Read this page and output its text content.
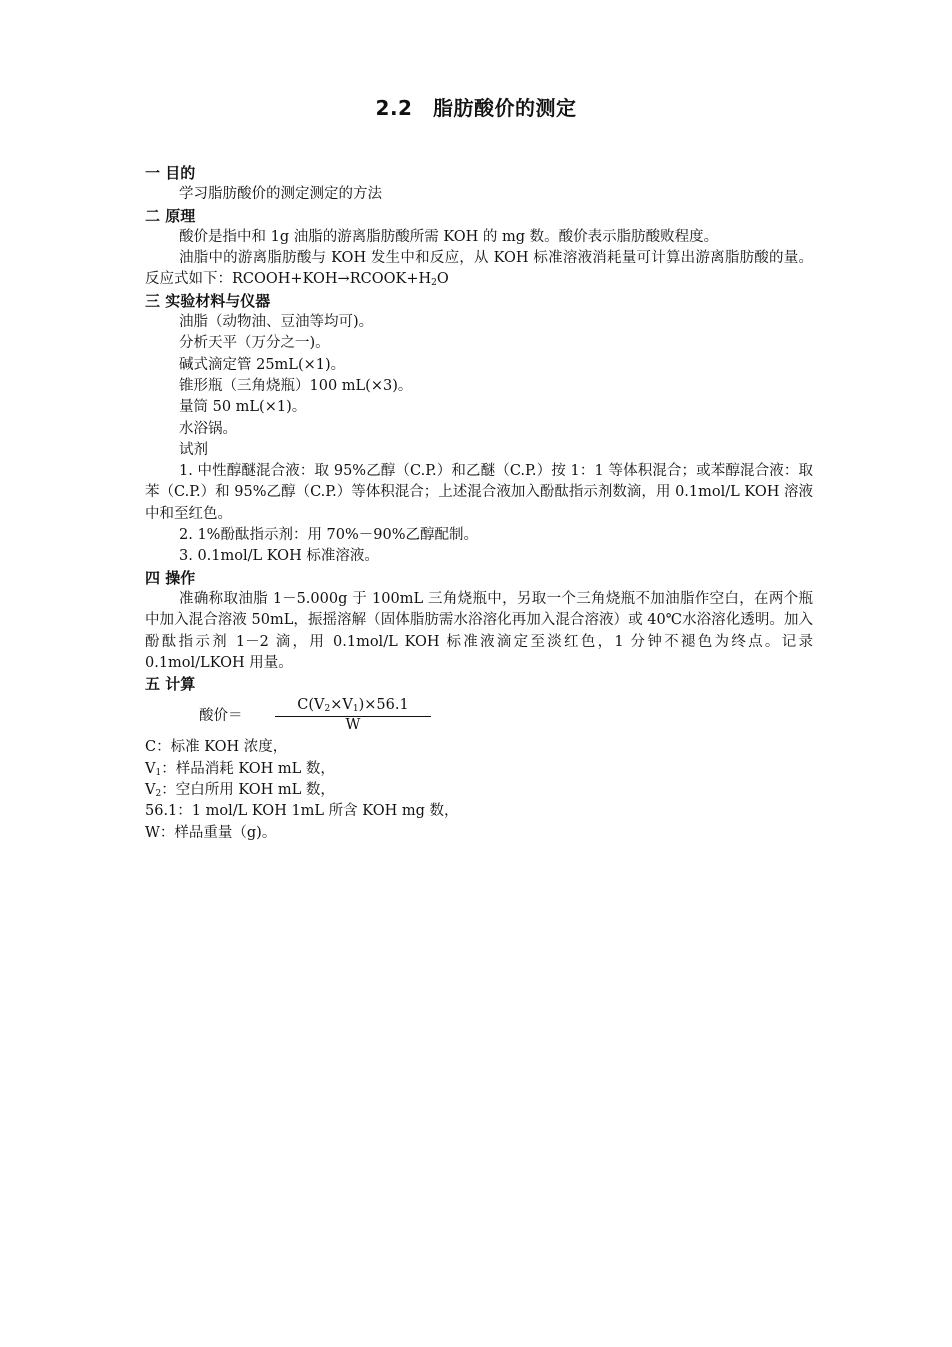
2.2　脂肪酸价的测定
一 目的

学习脂肪酸价的测定测定的方法

二 原理

酸价是指中和 1g 油脂的游离脂肪酸所需 KOH 的 mg 数。酸价表示脂肪酸败程度。

油脂中的游离脂肪酸与 KOH 发生中和反应，从 KOH 标准溶液消耗量可计算出游离脂肪酸的量。反应式如下：$RCOOH+KOH\to RCOOK+H_2O$

三 实验材料与仪器

油脂（动物油、豆油等均可)。

分析天平（万分之一)。

碱式滴定管 25mL(×1)。

锥形瓶（三角烧瓶）100 mL(×3)。

量筒 50 mL(×1)。

水浴锅。

试剂

1. 中性醇醚混合液：取 95%乙醇（C.P.）和乙醚（C.P.）按 1：1 等体积混合；或苯醇混合液：取苯（C.P.）和 95%乙醇（C.P.）等体积混合；上述混合液加入酚酞指示剂数滴，用 0.1mol/L KOH 溶液中和至红色。

2. 1%酚酞指示剂：用 70%－90%乙醇配制。

3. 0.1mol/L KOH 标准溶液。

四 操作

准确称取油脂 1－5.000g 于 100mL 三角烧瓶中，另取一个三角烧瓶不加油脂作空白，在两个瓶中加入混合溶液 50mL，振摇溶解（固体脂肪需水浴溶化再加入混合溶液）或 40℃水浴溶化透明。加入酚酞指示剂 1－2 滴，用 0.1mol/L KOH 标准液滴定至淡红色，1 分钟不褪色为终点。记录 0.1mol/LKOH 用量。

五 计算
酸价＝
$C(V_2\times V_1)\times 56.1$
W

C：标准 KOH 浓度，

$V_1$：样品消耗 KOH mL 数，

$V_2$：空白所用 KOH mL 数，

56.1：1 mol/L KOH 1mL 所含 KOH mg 数，

W：样品重量（g)。
